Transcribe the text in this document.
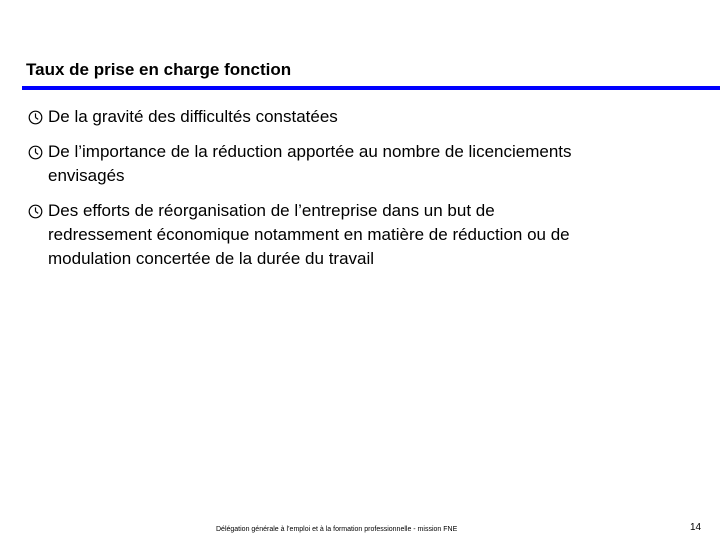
Taux de prise en charge fonction
De la gravité des difficultés constatées
De l’importance de la réduction apportée au nombre de licenciements
envisagés
Des efforts de réorganisation de l’entreprise dans un but de
redressement économique notamment en matière de réduction ou de
modulation concertée de la durée du travail
Délégation générale à l’emploi et à la formation professionnelle - mission FNE	14
